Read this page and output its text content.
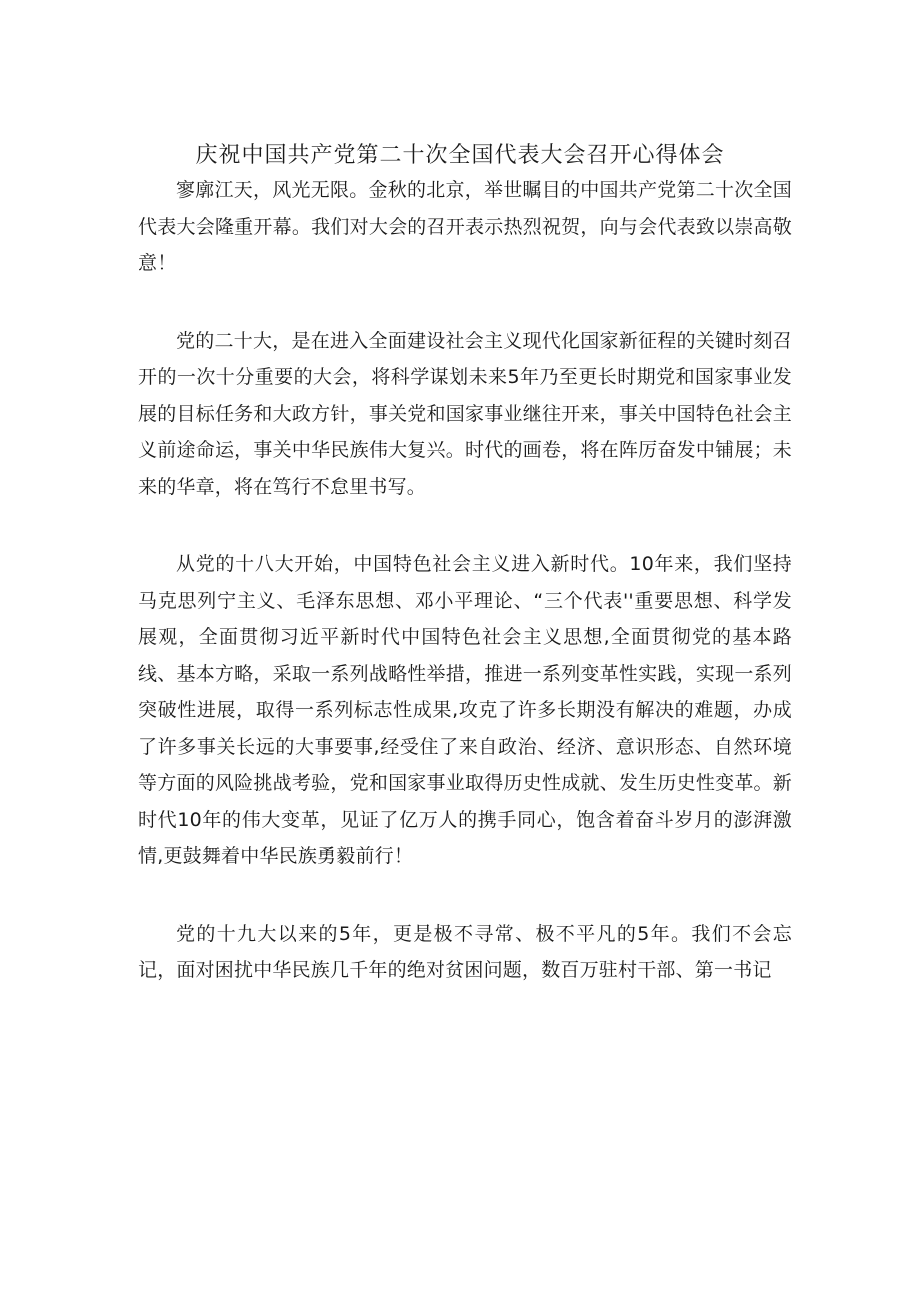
庆祝中国共产党第二十次全国代表大会召开心得体会

寥廓江天，风光无限。金秋的北京，举世瞩目的中国共产党第二十次全国代表大会隆重开幕。我们对大会的召开表示热烈祝贺，向与会代表致以崇高敬意！

党的二十大，是在进入全面建设社会主义现代化国家新征程的关键时刻召开的一次十分重要的大会，将科学谋划未来5年乃至更长时期党和国家事业发展的目标任务和大政方针，事关党和国家事业继往开来，事关中国特色社会主义前途命运，事关中华民族伟大复兴。时代的画卷，将在阵厉奋发中铺展；未来的华章，将在笃行不怠里书写。

从党的十八大开始，中国特色社会主义进入新时代。10年来，我们坚持马克思列宁主义、毛泽东思想、邓小平理论、“三个代表''重要思想、科学发展观，全面贯彻习近平新时代中国特色社会主义思想,全面贯彻党的基本路线、基本方略，采取一系列战略性举措，推进一系列变革性实践，实现一系列突破性进展，取得一系列标志性成果,攻克了许多长期没有解决的难题，办成了许多事关长远的大事要事,经受住了来自政治、经济、意识形态、自然环境等方面的风险挑战考验，党和国家事业取得历史性成就、发生历史性变革。新时代10年的伟大变革，见证了亿万人的携手同心，饱含着奋斗岁月的澎湃激情,更鼓舞着中华民族勇毅前行！

党的十九大以来的5年，更是极不寻常、极不平凡的5年。我们不会忘记，面对困扰中华民族几千年的绝对贫困问题，数百万驻村干部、第一书记
